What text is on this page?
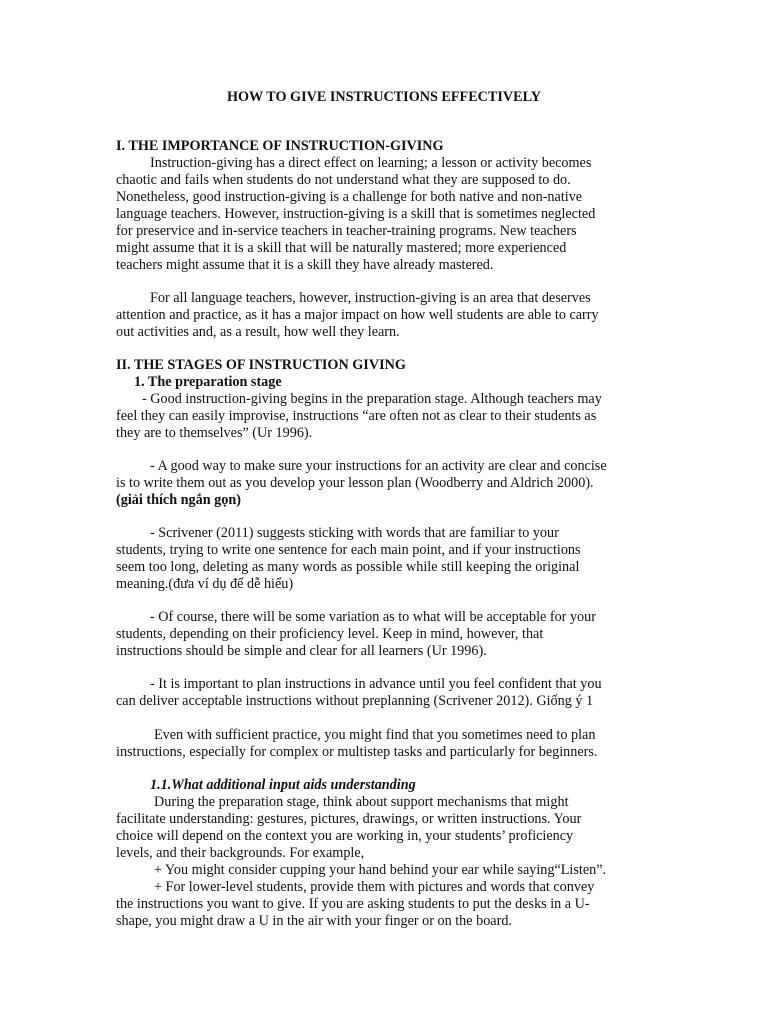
HOW TO GIVE INSTRUCTIONS EFFECTIVELY
I. THE IMPORTANCE OF INSTRUCTION-GIVING
Instruction-giving has a direct effect on learning; a lesson or activity becomes
chaotic and fails when students do not understand what they are supposed to do.
Nonetheless, good instruction-giving is a challenge for both native and non-native
language teachers. However, instruction-giving is a skill that is sometimes neglected
for preservice and in-service teachers in teacher-training programs. New teachers
might assume that it is a skill that will be naturally mastered; more experienced
teachers might assume that it is a skill they have already mastered.
For all language teachers, however, instruction-giving is an area that deserves
attention and practice, as it has a major impact on how well students are able to carry
out activities and, as a result, how well they learn.
II. THE STAGES OF INSTRUCTION GIVING
1. The preparation stage
- Good instruction-giving begins in the preparation stage. Although teachers may
feel they can easily improvise, instructions “are often not as clear to their students as
they are to themselves” (Ur 1996).
- A good way to make sure your instructions for an activity are clear and concise
is to write them out as you develop your lesson plan (Woodberry and Aldrich 2000).
(giải thích ngắn gọn)
- Scrivener (2011) suggests sticking with words that are familiar to your
students, trying to write one sentence for each main point, and if your instructions
seem too long, deleting as many words as possible while still keeping the original
meaning.(đưa ví dụ để dễ hiểu)
- Of course, there will be some variation as to what will be acceptable for your
students, depending on their proficiency level. Keep in mind, however, that
instructions should be simple and clear for all learners (Ur 1996).
- It is important to plan instructions in advance until you feel confident that you
can deliver acceptable instructions without preplanning (Scrivener 2012). Giống ý 1
Even with sufficient practice, you might find that you sometimes need to plan
instructions, especially for complex or multistep tasks and particularly for beginners.
1.1.What additional input aids understanding
During the preparation stage, think about support mechanisms that might
facilitate understanding: gestures, pictures, drawings, or written instructions. Your
choice will depend on the context you are working in, your students’ proficiency
levels, and their backgrounds. For example,
+ You might consider cupping your hand behind your ear while saying“Listen”.
+ For lower-level students, provide them with pictures and words that convey
the instructions you want to give. If you are asking students to put the desks in a U-
shape, you might draw a U in the air with your finger or on the board.
